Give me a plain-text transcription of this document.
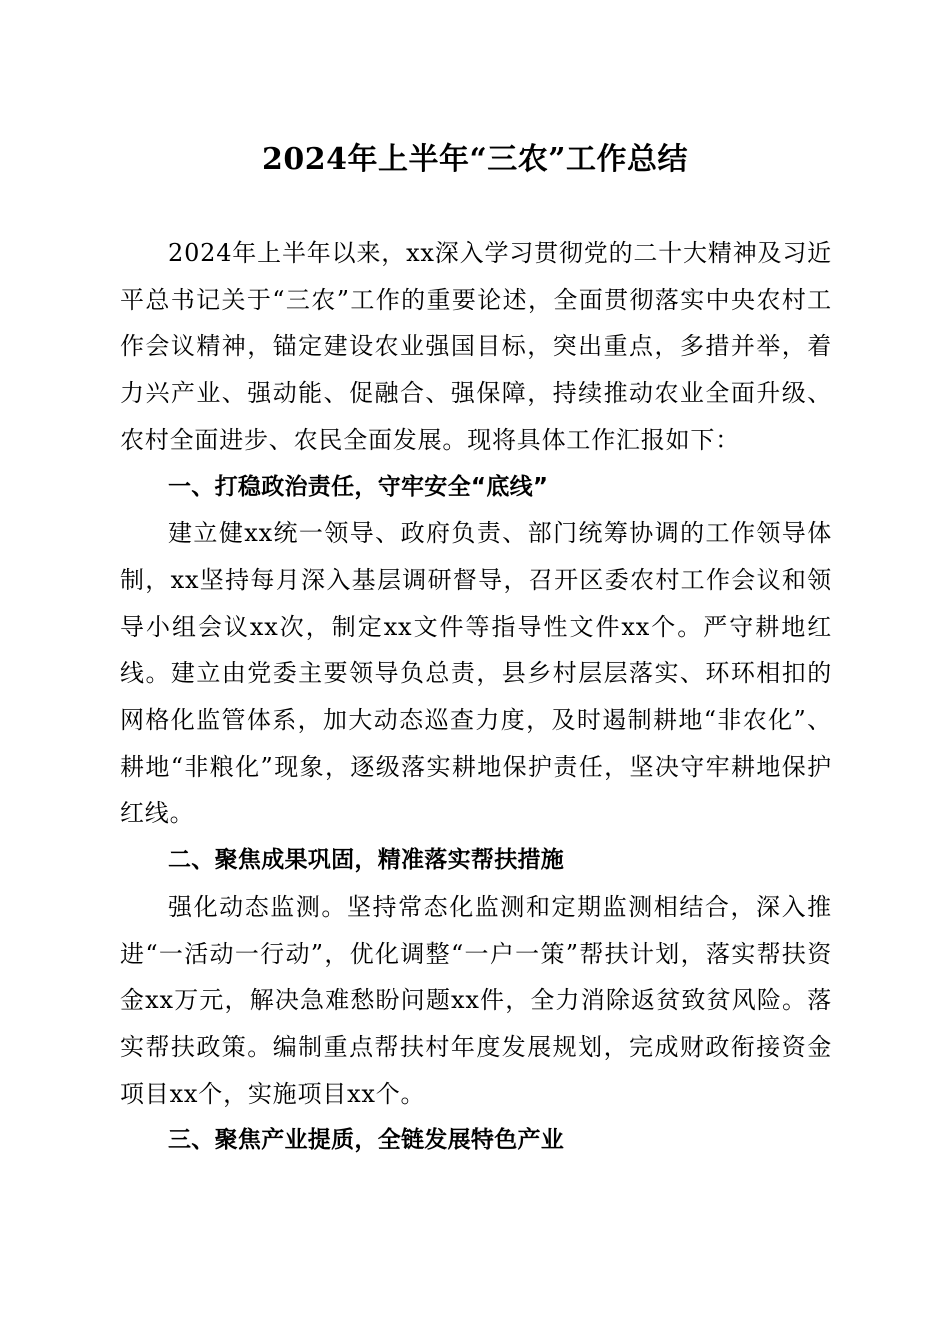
2024年上半年“三农”工作总结

2024年上半年以来，xx深入学习贯彻党的二十大精神及习近平总书记关于“三农”工作的重要论述，全面贯彻落实中央农村工作会议精神，锚定建设农业强国目标，突出重点，多措并举，着力兴产业、强动能、促融合、强保障，持续推动农业全面升级、农村全面进步、农民全面发展。现将具体工作汇报如下：

一、打稳政治责任，守牢安全“底线”

建立健xx统一领导、政府负责、部门统筹协调的工作领导体制，xx坚持每月深入基层调研督导，召开区委农村工作会议和领导小组会议xx次，制定xx文件等指导性文件xx个。严守耕地红线。建立由党委主要领导负总责，县乡村层层落实、环环相扣的网格化监管体系，加大动态巡查力度，及时遏制耕地“非农化”、耕地“非粮化”现象，逐级落实耕地保护责任，坚决守牢耕地保护红线。

二、聚焦成果巩固，精准落实帮扶措施

强化动态监测。坚持常态化监测和定期监测相结合，深入推进“一活动一行动”，优化调整“一户一策”帮扶计划，落实帮扶资金xx万元，解决急难愁盼问题xx件，全力消除返贫致贫风险。落实帮扶政策。编制重点帮扶村年度发展规划，完成财政衔接资金项目xx个，实施项目xx个。

三、聚焦产业提质，全链发展特色产业
